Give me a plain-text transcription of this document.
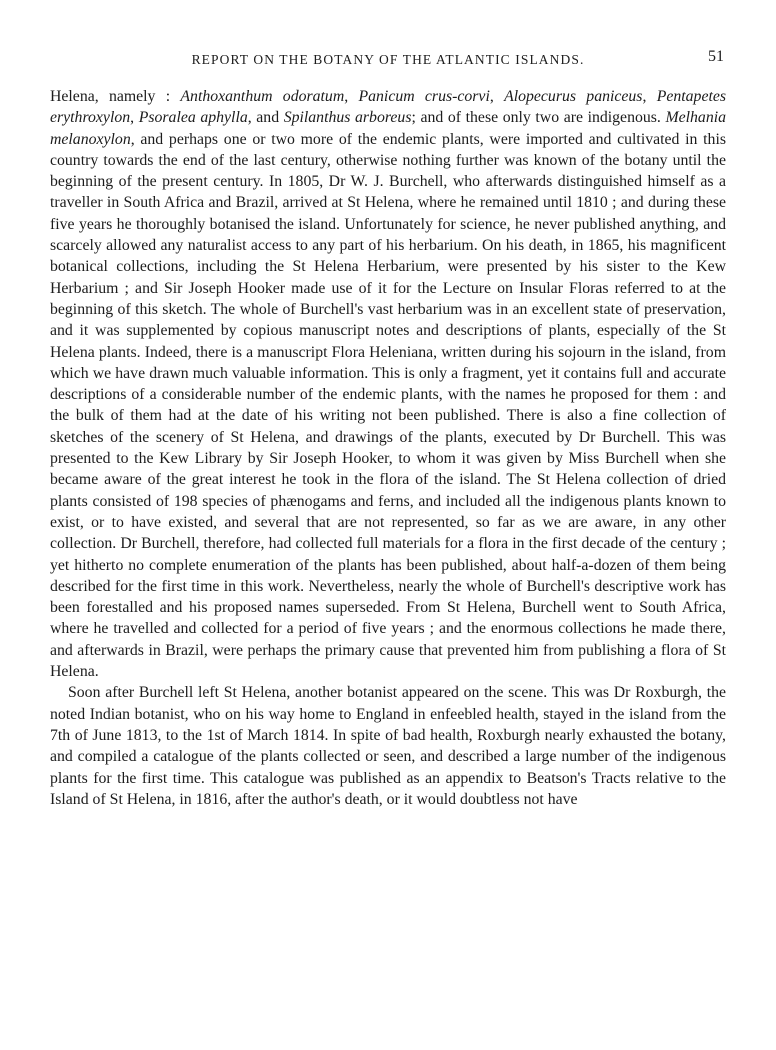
REPORT ON THE BOTANY OF THE ATLANTIC ISLANDS.	51

Helena, namely : Anthoxanthum odoratum, Panicum crus-corvi, Alopecurus paniceus, Pentapetes erythroxylon, Psoralea aphylla, and Spilanthus arboreus; and of these only two are indigenous. Melhania melanoxylon, and perhaps one or two more of the endemic plants, were imported and cultivated in this country towards the end of the last century, otherwise nothing further was known of the botany until the beginning of the present century. In 1805, Dr W. J. Burchell, who afterwards distinguished himself as a traveller in South Africa and Brazil, arrived at St Helena, where he remained until 1810 ; and during these five years he thoroughly botanised the island. Unfortunately for science, he never published anything, and scarcely allowed any naturalist access to any part of his herbarium. On his death, in 1865, his magnificent botanical collections, including the St Helena Herbarium, were presented by his sister to the Kew Herbarium ; and Sir Joseph Hooker made use of it for the Lecture on Insular Floras referred to at the beginning of this sketch. The whole of Burchell's vast herbarium was in an excellent state of preservation, and it was supplemented by copious manuscript notes and descriptions of plants, especially of the St Helena plants. Indeed, there is a manuscript Flora Heleniana, written during his sojourn in the island, from which we have drawn much valuable information. This is only a fragment, yet it contains full and accurate descriptions of a considerable number of the endemic plants, with the names he proposed for them : and the bulk of them had at the date of his writing not been published. There is also a fine collection of sketches of the scenery of St Helena, and drawings of the plants, executed by Dr Burchell. This was presented to the Kew Library by Sir Joseph Hooker, to whom it was given by Miss Burchell when she became aware of the great interest he took in the flora of the island. The St Helena collection of dried plants consisted of 198 species of phænogams and ferns, and included all the indigenous plants known to exist, or to have existed, and several that are not represented, so far as we are aware, in any other collection. Dr Burchell, therefore, had collected full materials for a flora in the first decade of the century ; yet hitherto no complete enumeration of the plants has been published, about half-a-dozen of them being described for the first time in this work. Nevertheless, nearly the whole of Burchell's descriptive work has been forestalled and his proposed names superseded. From St Helena, Burchell went to South Africa, where he travelled and collected for a period of five years ; and the enormous collections he made there, and afterwards in Brazil, were perhaps the primary cause that prevented him from publishing a flora of St Helena.

Soon after Burchell left St Helena, another botanist appeared on the scene. This was Dr Roxburgh, the noted Indian botanist, who on his way home to England in enfeebled health, stayed in the island from the 7th of June 1813, to the 1st of March 1814. In spite of bad health, Roxburgh nearly exhausted the botany, and compiled a catalogue of the plants collected or seen, and described a large number of the indigenous plants for the first time. This catalogue was published as an appendix to Beatson's Tracts relative to the Island of St Helena, in 1816, after the author's death, or it would doubtless not have
